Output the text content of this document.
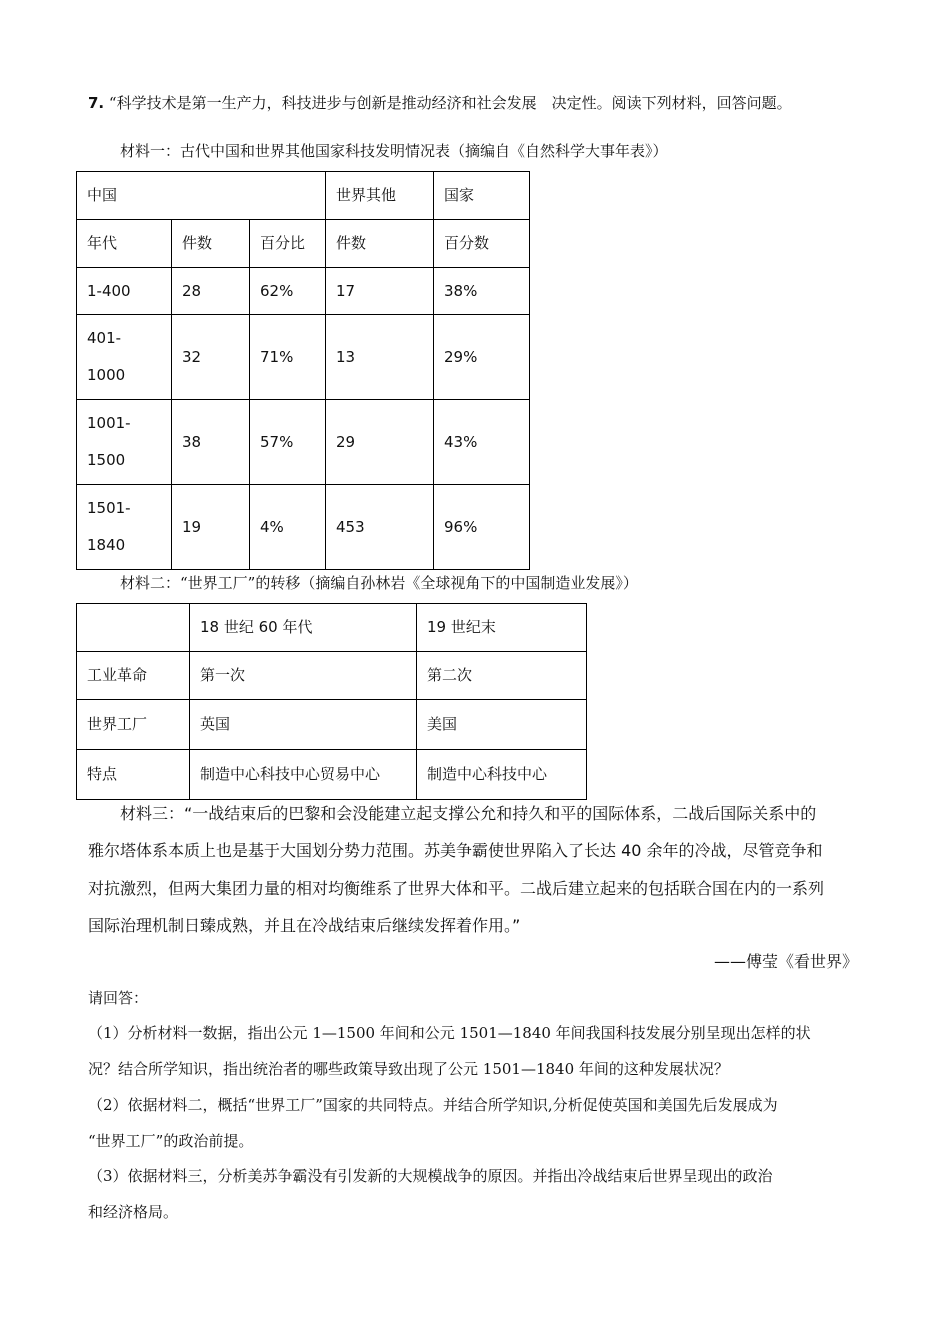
7. “科学技术是第一生产力，科技进步与创新是推动经济和社会发展　决定性。阅读下列材料，回答问题。
材料一：古代中国和世界其他国家科技发明情况表（摘编自《自然科学大事年表》）
中国			世界其他	国家
年代	件数	百分比	件数	百分数
1-400	28	62%	17	38%

401-
1000	32	71%	13	29%

1001-
1500	38	57%	29	43%

1501-
1840	19	4%	453	96%
材料二：“世界工厂”的转移（摘编自孙林岩《全球视角下的中国制造业发展》）
	18 世纪 60 年代	19 世纪末
工业革命	第一次	第二次
世界工厂	英国	美国
特点	制造中心科技中心贸易中心	制造中心科技中心
材料三：“一战结束后的巴黎和会没能建立起支撑公允和持久和平的国际体系，二战后国际关系中的
雅尔塔体系本质上也是基于大国划分势力范围。苏美争霸使世界陷入了长达 40 余年的冷战，尽管竞争和
对抗激烈，但两大集团力量的相对均衡维系了世界大体和平。二战后建立起来的包括联合国在内的一系列
国际治理机制日臻成熟，并且在冷战结束后继续发挥着作用。”
——傅莹《看世界》
请回答：
（1）分析材料一数据，指出公元 1—1500 年间和公元 1501—1840 年间我国科技发展分别呈现出怎样的状
况？结合所学知识，指出统治者的哪些政策导致出现了公元 1501—1840 年间的这种发展状况？
（2）依据材料二，概括“世界工厂”国家的共同特点。并结合所学知识,分析促使英国和美国先后发展成为
“世界工厂”的政治前提。
（3）依据材料三，分析美苏争霸没有引发新的大规模战争的原因。并指出冷战结束后世界呈现出的政治
和经济格局。
